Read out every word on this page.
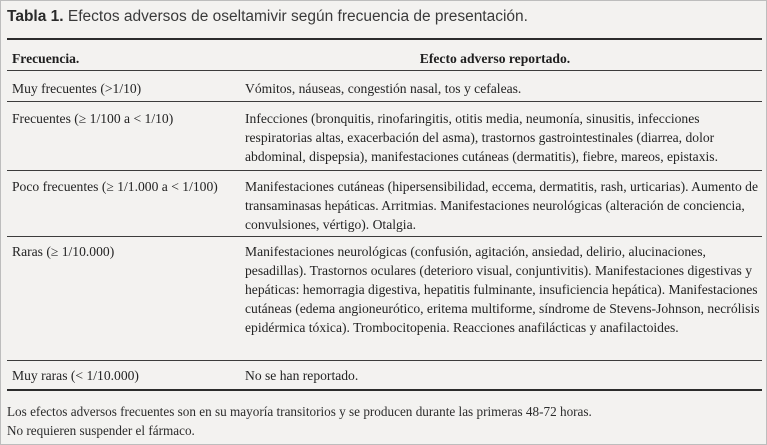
Tabla 1. Efectos adversos de oseltamivir según frecuencia de presentación.
Frecuencia.	Efecto adverso reportado.
Muy frecuentes (>1/10)	Vómitos, náuseas, congestión nasal, tos y cefaleas.
Frecuentes (≥ 1/100 a < 1/10)	Infecciones (bronquitis, rinofaringitis, otitis media, neumonía, sinusitis, infecciones respiratorias altas, exacerbación del asma), trastornos gastrointestinales (diarrea, dolor abdominal, dispepsia), manifestaciones cutáneas (dermatitis), fiebre, mareos, epistaxis.
Poco frecuentes (≥ 1/1.000 a < 1/100)	Manifestaciones cutáneas (hipersensibilidad, eccema, dermatitis, rash, urticarias). Aumento de transaminasas hepáticas. Arritmias. Manifestaciones neurológicas (alteración de conciencia, convulsiones, vértigo). Otalgia.
Raras (≥ 1/10.000)	Manifestaciones neurológicas (confusión, agitación, ansiedad, delirio, alucinaciones, pesadillas). Trastornos oculares (deterioro visual, conjuntivitis). Manifestaciones digestivas y hepáticas: hemorragia digestiva, hepatitis fulminante, insuficiencia hepática). Manifestaciones cutáneas (edema angioneurótico, eritema multiforme, síndrome de Stevens-Johnson, necrólisis epidérmica tóxica). Trombocitopenia. Reacciones anafilácticas y anafilactoides.
Muy raras (< 1/10.000)	No se han reportado.
Los efectos adversos frecuentes son en su mayoría transitorios y se producen durante las primeras 48-72 horas.
No requieren suspender el fármaco.
